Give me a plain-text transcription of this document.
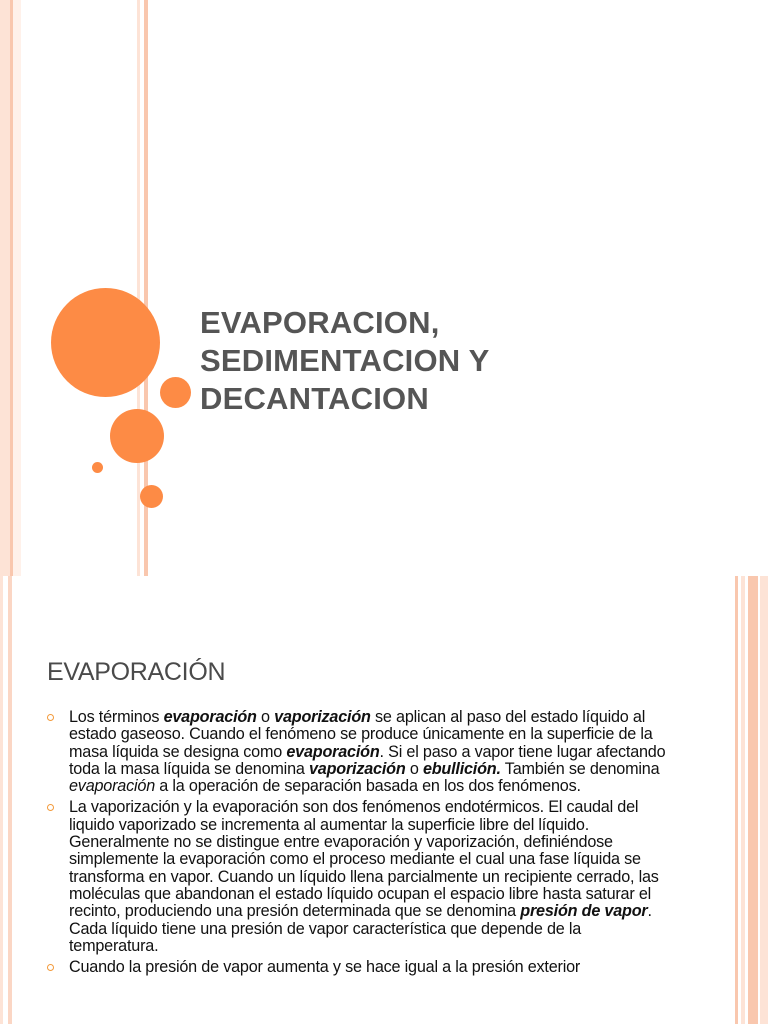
EVAPORACION,
SEDIMENTACION Y
DECANTACION
EVAPORACIÓN
Los términos evaporación o vaporización se aplican al paso del estado líquido al estado gaseoso. Cuando el fenómeno se produce únicamente en la superficie de la masa líquida se designa como evaporación. Si el paso a vapor tiene lugar afectando toda la masa líquida se denomina vaporización o ebullición. También se denomina evaporación a la operación de separación basada en los dos fenómenos.
La vaporización y la evaporación son dos fenómenos endotérmicos. El caudal del liquido vaporizado se incrementa al aumentar la superficie libre del líquido. Generalmente no se distingue entre evaporación y vaporización, definiéndose simplemente la evaporación como el proceso mediante el cual una fase líquida se transforma en vapor. Cuando un líquido llena parcialmente un recipiente cerrado, las moléculas que abandonan el estado líquido ocupan el espacio libre hasta saturar el recinto, produciendo una presión determinada que se denomina presión de vapor. Cada líquido tiene una presión de vapor característica que depende de la temperatura.
Cuando la presión de vapor aumenta y se hace igual a la presión exterior
